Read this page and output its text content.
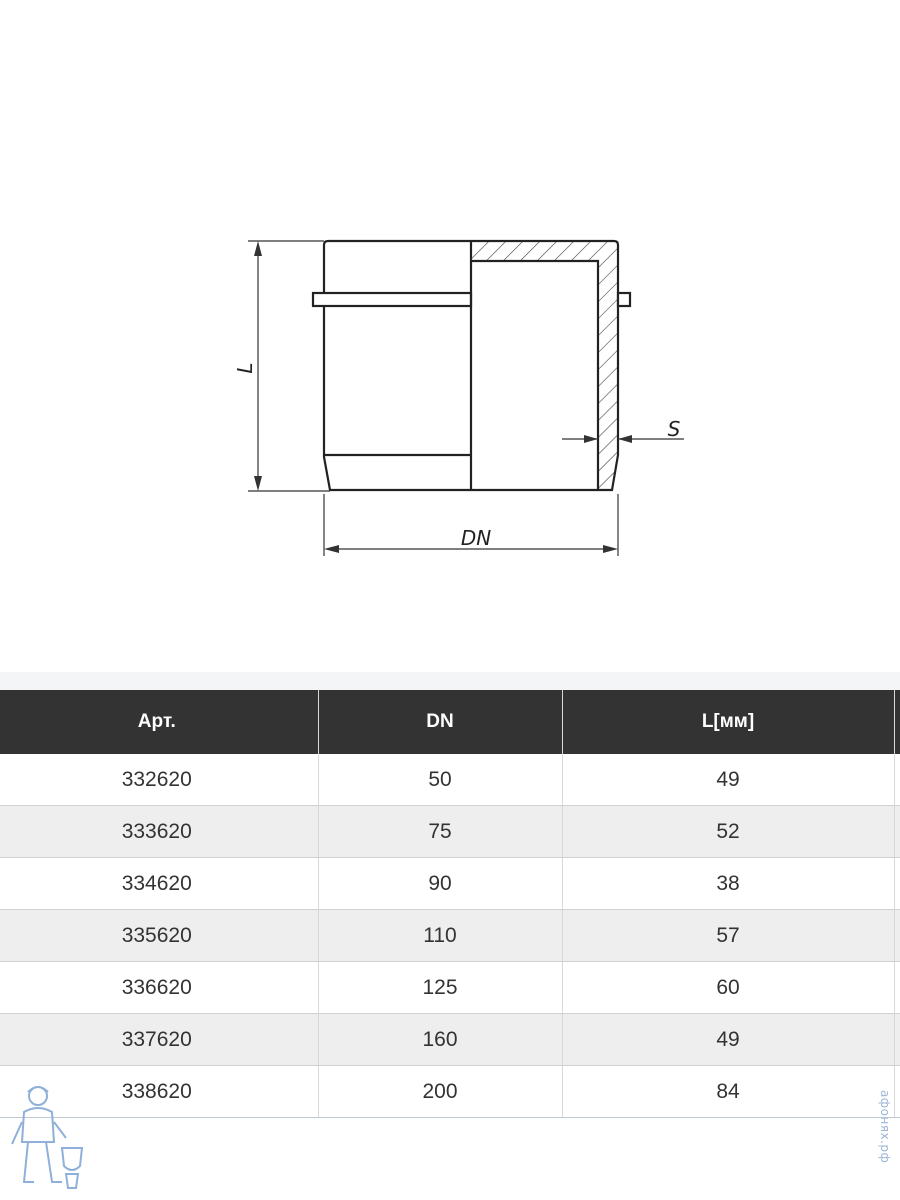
L
DN
S
Арт.	DN	L[мм]	
332620	50	49	
333620	75	52	
334620	90	38	
335620	110	57	
336620	125	60	
337620	160	49	
338620	200	84		афонях.рф
